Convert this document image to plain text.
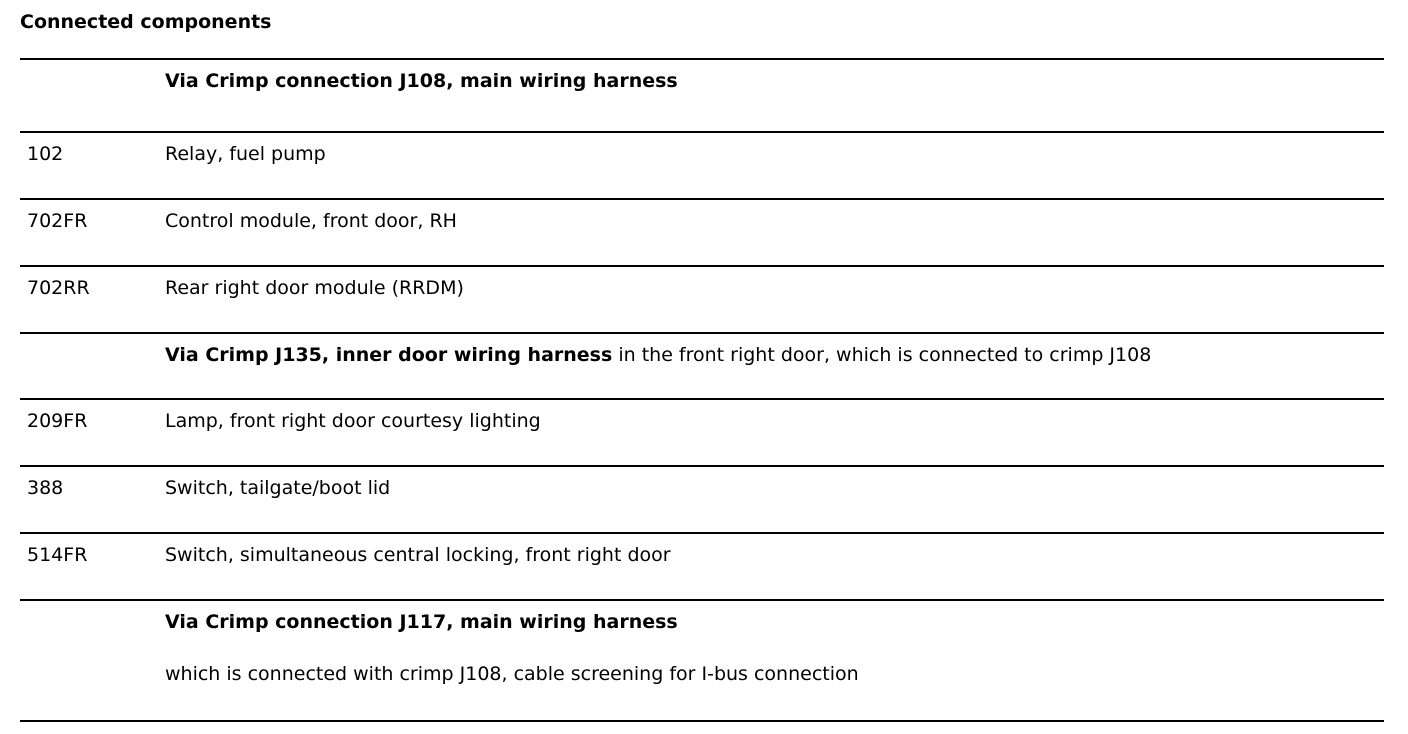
Connected components
Via Crimp connection J108, main wiring harness
102	Relay, fuel pump
702FR	Control module, front door, RH
702RR	Rear right door module (RRDM)
Via Crimp J135, inner door wiring harness in the front right door, which is connected to crimp J108
209FR	Lamp, front right door courtesy lighting
388	Switch, tailgate/boot lid
514FR	Switch, simultaneous central locking, front right door
Via Crimp connection J117, main wiring harness
which is connected with crimp J108, cable screening for I-bus connection
